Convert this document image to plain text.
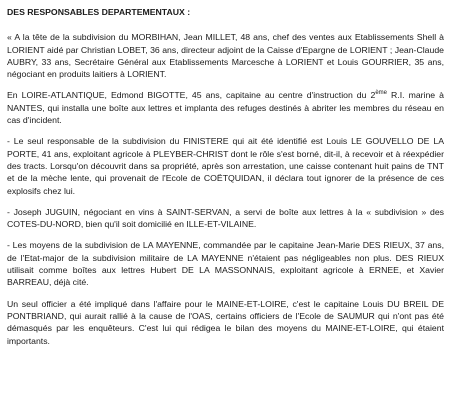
DES RESPONSABLES DEPARTEMENTAUX :

« A la tête de la subdivision du MORBIHAN, Jean MILLET, 48 ans, chef des ventes aux Etablissements Shell à LORIENT aidé par Christian LOBET, 36 ans, directeur adjoint de la Caisse d'Epargne de LORIENT ; Jean-Claude AUBRY, 33 ans, Secrétaire Général aux Etablissements Marcesche à LORIENT et Louis GOURRIER, 35 ans, négociant en produits laitiers à LORIENT.

En LOIRE-ATLANTIQUE, Edmond BIGOTTE, 45 ans, capitaine au centre d'instruction du 2ème R.I. marine à NANTES, qui installa une boîte aux lettres et implanta des refuges destinés à abriter les membres du réseau en cas d'incident.

- Le seul responsable de la subdivision du FINISTERE qui ait été identifié est Louis LE GOUVELLO DE LA PORTE, 41 ans, exploitant agricole à PLEYBER-CHRIST dont le rôle s'est borné, dit-il, à recevoir et à réexpédier des tracts. Lorsqu'on découvrit dans sa propriété, après son arrestation, une caisse contenant huit pains de TNT et de la mèche lente, qui provenait de l'Ecole de COËTQUIDAN, il déclara tout ignorer de la présence de ces explosifs chez lui.

- Joseph JUGUIN, négociant en vins à SAINT-SERVAN, a servi de boîte aux lettres à la « subdivision » des COTES-DU-NORD, bien qu'il soit domicilié en ILLE-ET-VILAINE.

- Les moyens de la subdivision de LA MAYENNE, commandée par le capitaine Jean-Marie DES RIEUX, 37 ans, de l'Etat-major de la subdivision militaire de LA MAYENNE n'étaient pas négligeables non plus. DES RIEUX utilisait comme boîtes aux lettres Hubert DE LA MASSONNAIS, exploitant agricole à ERNEE, et Xavier BARREAU, déjà cité.

Un seul officier a été impliqué dans l'affaire pour le MAINE-ET-LOIRE, c'est le capitaine Louis DU BREIL DE PONTBRIAND, qui aurait rallié à la cause de l'OAS, certains officiers de l'Ecole de SAUMUR qui n'ont pas été démasqués par les enquêteurs. C'est lui qui rédigea le bilan des moyens du MAINE-ET-LOIRE, qui étaient importants.
